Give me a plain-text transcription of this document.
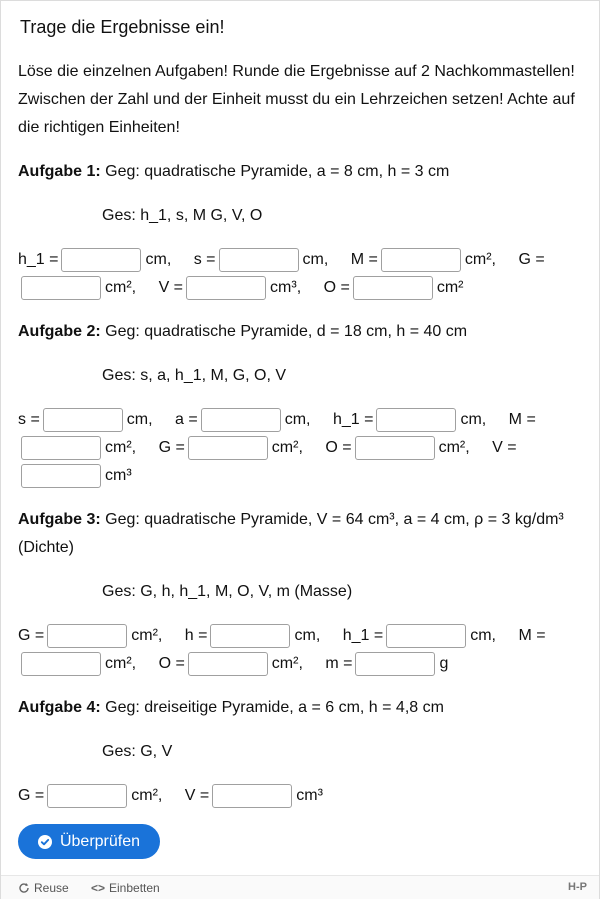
Trage die Ergebnisse ein!

Löse die einzelnen Aufgaben! Runde die Ergebnisse auf 2 Nachkommastellen! Zwischen der Zahl und der Einheit musst du ein Lehrzeichen setzen! Achte auf die richtigen Einheiten!

Aufgabe 1: Geg: quadratische Pyramide, a = 8 cm, h = 3 cm

Ges: h_1, s, M G, V, O

h_1 =	cm, s =	cm, M =	cm², G =cm², V =	cm³, O =	cm²

Aufgabe 2: Geg: quadratische Pyramide, d = 18 cm, h = 40 cm

Ges: s, a, h_1, M, G, O, V

s =	cm, a =	cm, h_1 =	cm, M =cm², G =	cm², O =	cm², V =cm³

Aufgabe 3: Geg: quadratische Pyramide, V = 64 cm³, a = 4 cm, ρ = 3 kg/dm³ (Dichte)

Ges: G, h, h_1, M, O, V, m (Masse)

G =	cm², h =	cm, h_1 =	cm, M =cm², O =	cm², m =	g

Aufgabe 4: Geg: dreiseitige Pyramide, a = 6 cm, h = 4,8 cm

Ges: G, V

G =	cm², V =	cm³

Überprüfen
Reuse <> Einbetten	H-P
